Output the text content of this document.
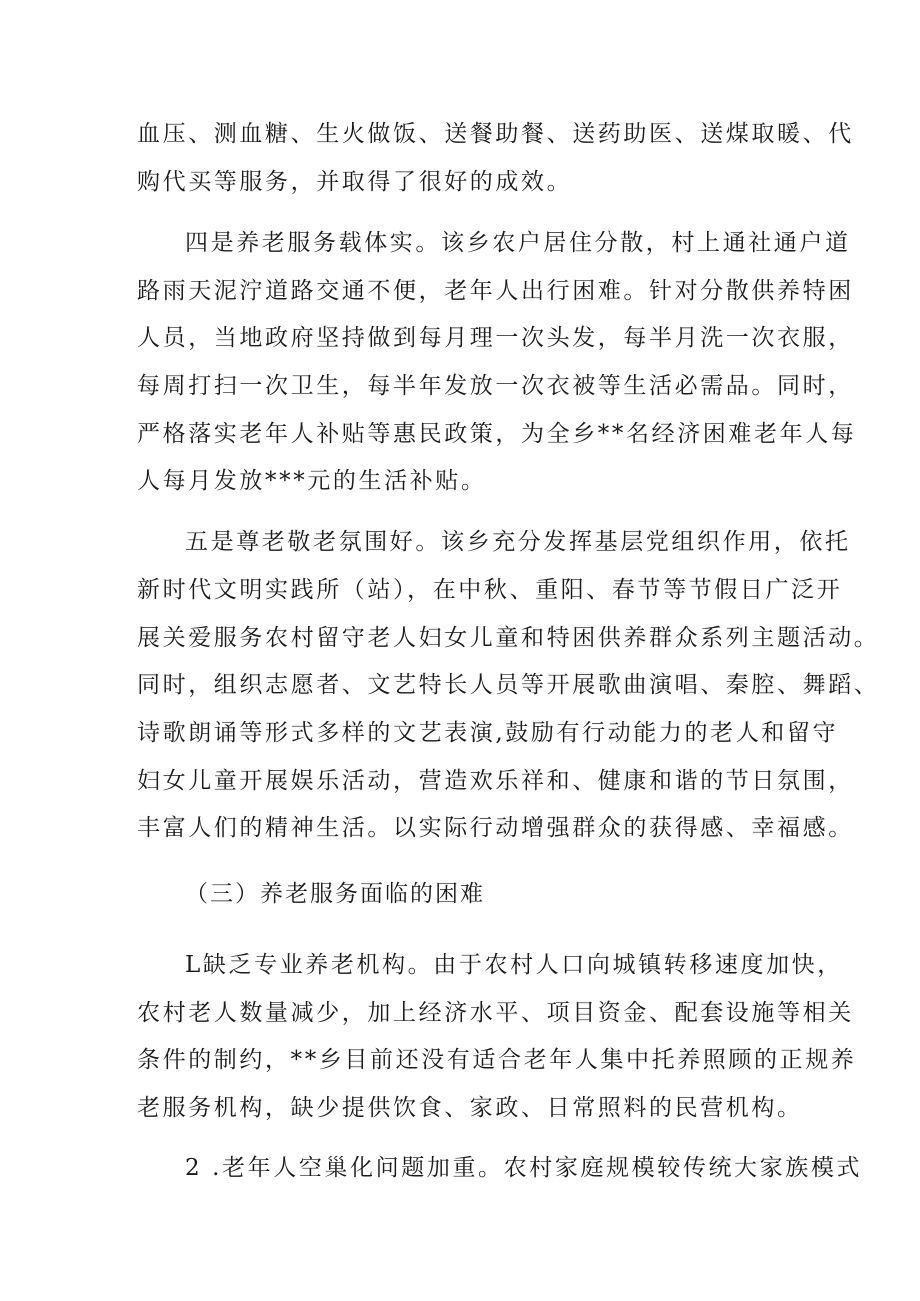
血压、测血糖、生火做饭、送餐助餐、送药助医、送煤取暖、代
购代买等服务，并取得了很好的成效。
四是养老服务载体实。该乡农户居住分散，村上通社通户道
路雨天泥泞道路交通不便，老年人出行困难。针对分散供养特困
人员，当地政府坚持做到每月理一次头发，每半月洗一次衣服，
每周打扫一次卫生，每半年发放一次衣被等生活必需品。同时，
严格落实老年人补贴等惠民政策，为全乡**名经济困难老年人每
人每月发放***元的生活补贴。
五是尊老敬老氛围好。该乡充分发挥基层党组织作用，依托
新时代文明实践所（站），在中秋、重阳、春节等节假日广泛开
展关爱服务农村留守老人妇女儿童和特困供养群众系列主题活动。
同时，组织志愿者、文艺特长人员等开展歌曲演唱、秦腔、舞蹈、
诗歌朗诵等形式多样的文艺表演,鼓励有行动能力的老人和留守
妇女儿童开展娱乐活动，营造欢乐祥和、健康和谐的节日氛围，
丰富人们的精神生活。以实际行动增强群众的获得感、幸福感。
（三）养老服务面临的困难
L缺乏专业养老机构。由于农村人口向城镇转移速度加快，
农村老人数量减少，加上经济水平、项目资金、配套设施等相关
条件的制约，**乡目前还没有适合老年人集中托养照顾的正规养
老服务机构，缺少提供饮食、家政、日常照料的民营机构。
2 .老年人空巢化问题加重。农村家庭规模较传统大家族模式
